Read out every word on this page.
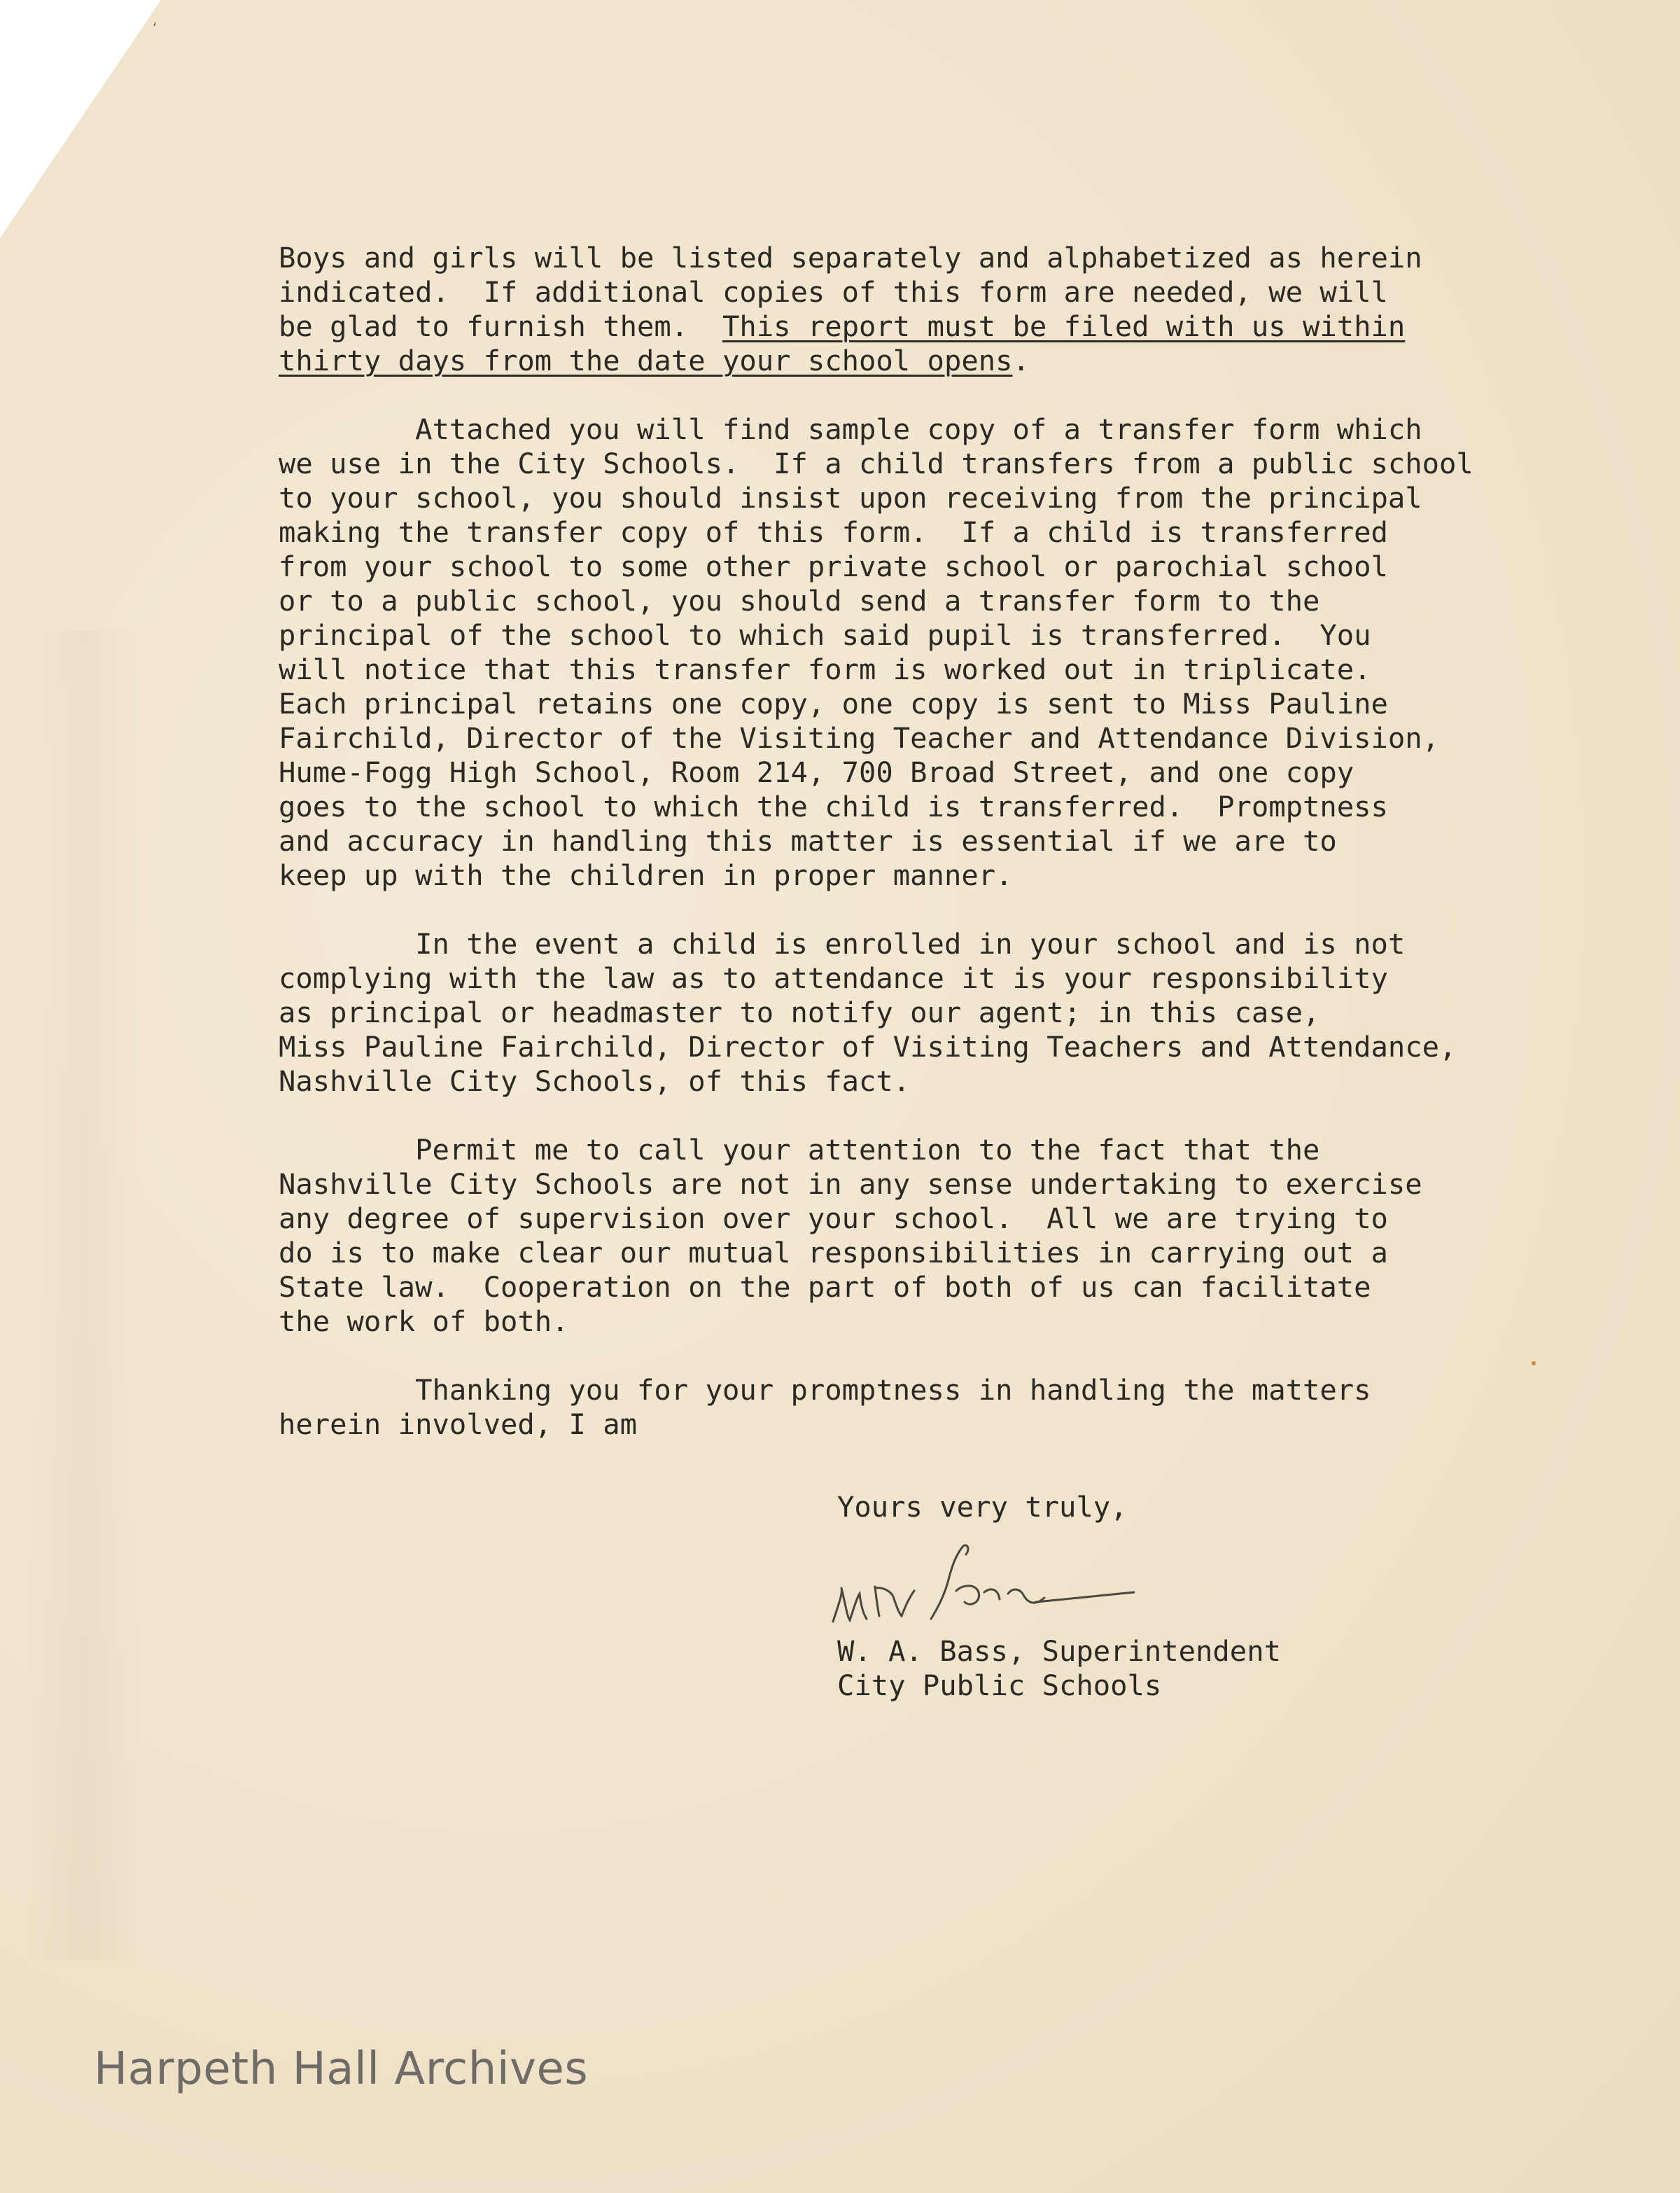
‘

Boys and girls will be listed separately and alphabetized as herein
indicated.  If additional copies of this form are needed, we will
be glad to furnish them.  This report must be filed with us within
thirty days from the date your school opens.

Attached you will find sample copy of a transfer form which
we use in the City Schools.  If a child transfers from a public school
to your school, you should insist upon receiving from the principal
making the transfer copy of this form.  If a child is transferred
from your school to some other private school or parochial school
or to a public school, you should send a transfer form to the
principal of the school to which said pupil is transferred.  You
will notice that this transfer form is worked out in triplicate.
Each principal retains one copy, one copy is sent to Miss Pauline
Fairchild, Director of the Visiting Teacher and Attendance Division,
Hume-Fogg High School, Room 214, 700 Broad Street, and one copy
goes to the school to which the child is transferred.  Promptness
and accuracy in handling this matter is essential if we are to
keep up with the children in proper manner.

In the event a child is enrolled in your school and is not
complying with the law as to attendance it is your responsibility
as principal or headmaster to notify our agent; in this case,
Miss Pauline Fairchild, Director of Visiting Teachers and Attendance,
Nashville City Schools, of this fact.

Permit me to call your attention to the fact that the
Nashville City Schools are not in any sense undertaking to exercise
any degree of supervision over your school.  All we are trying to
do is to make clear our mutual responsibilities in carrying out a
State law.  Cooperation on the part of both of us can facilitate
the work of both.

Thanking you for your promptness in handling the matters
herein involved, I am

Yours very truly,
W. A. Bass, Superintendent
City Public Schools
Harpeth Hall Archives
